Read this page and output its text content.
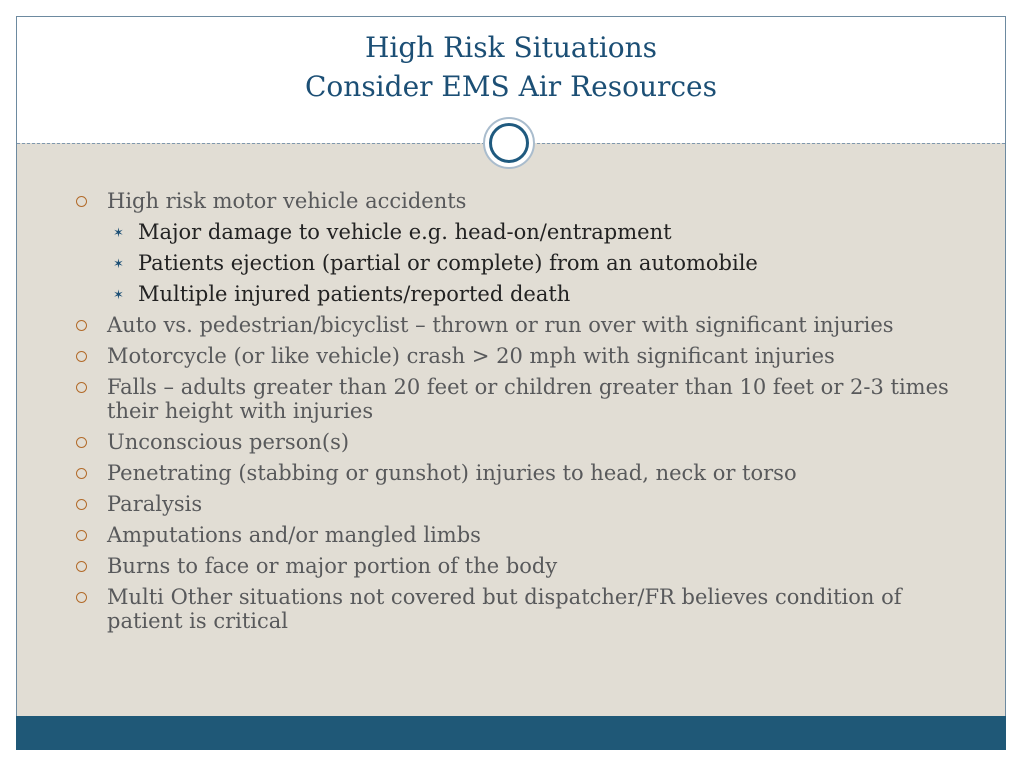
High Risk Situations
Consider EMS Air Resources
High risk motor vehicle accidents
✶ Major damage to vehicle e.g. head-on/entrapment
✶ Patients ejection (partial or complete) from an automobile
✶ Multiple injured patients/reported death
Auto vs. pedestrian/bicyclist – thrown or run over with significant injuries
Motorcycle (or like vehicle) crash > 20 mph with significant injuries
Falls – adults greater than 20 feet or children greater than 10 feet or 2-3 times their height with injuries
Unconscious person(s)
Penetrating (stabbing or gunshot) injuries to head, neck or torso
Paralysis
Amputations and/or mangled limbs
Burns to face or major portion of the body
Multi Other situations not covered but dispatcher/FR believes condition of patient is critical
